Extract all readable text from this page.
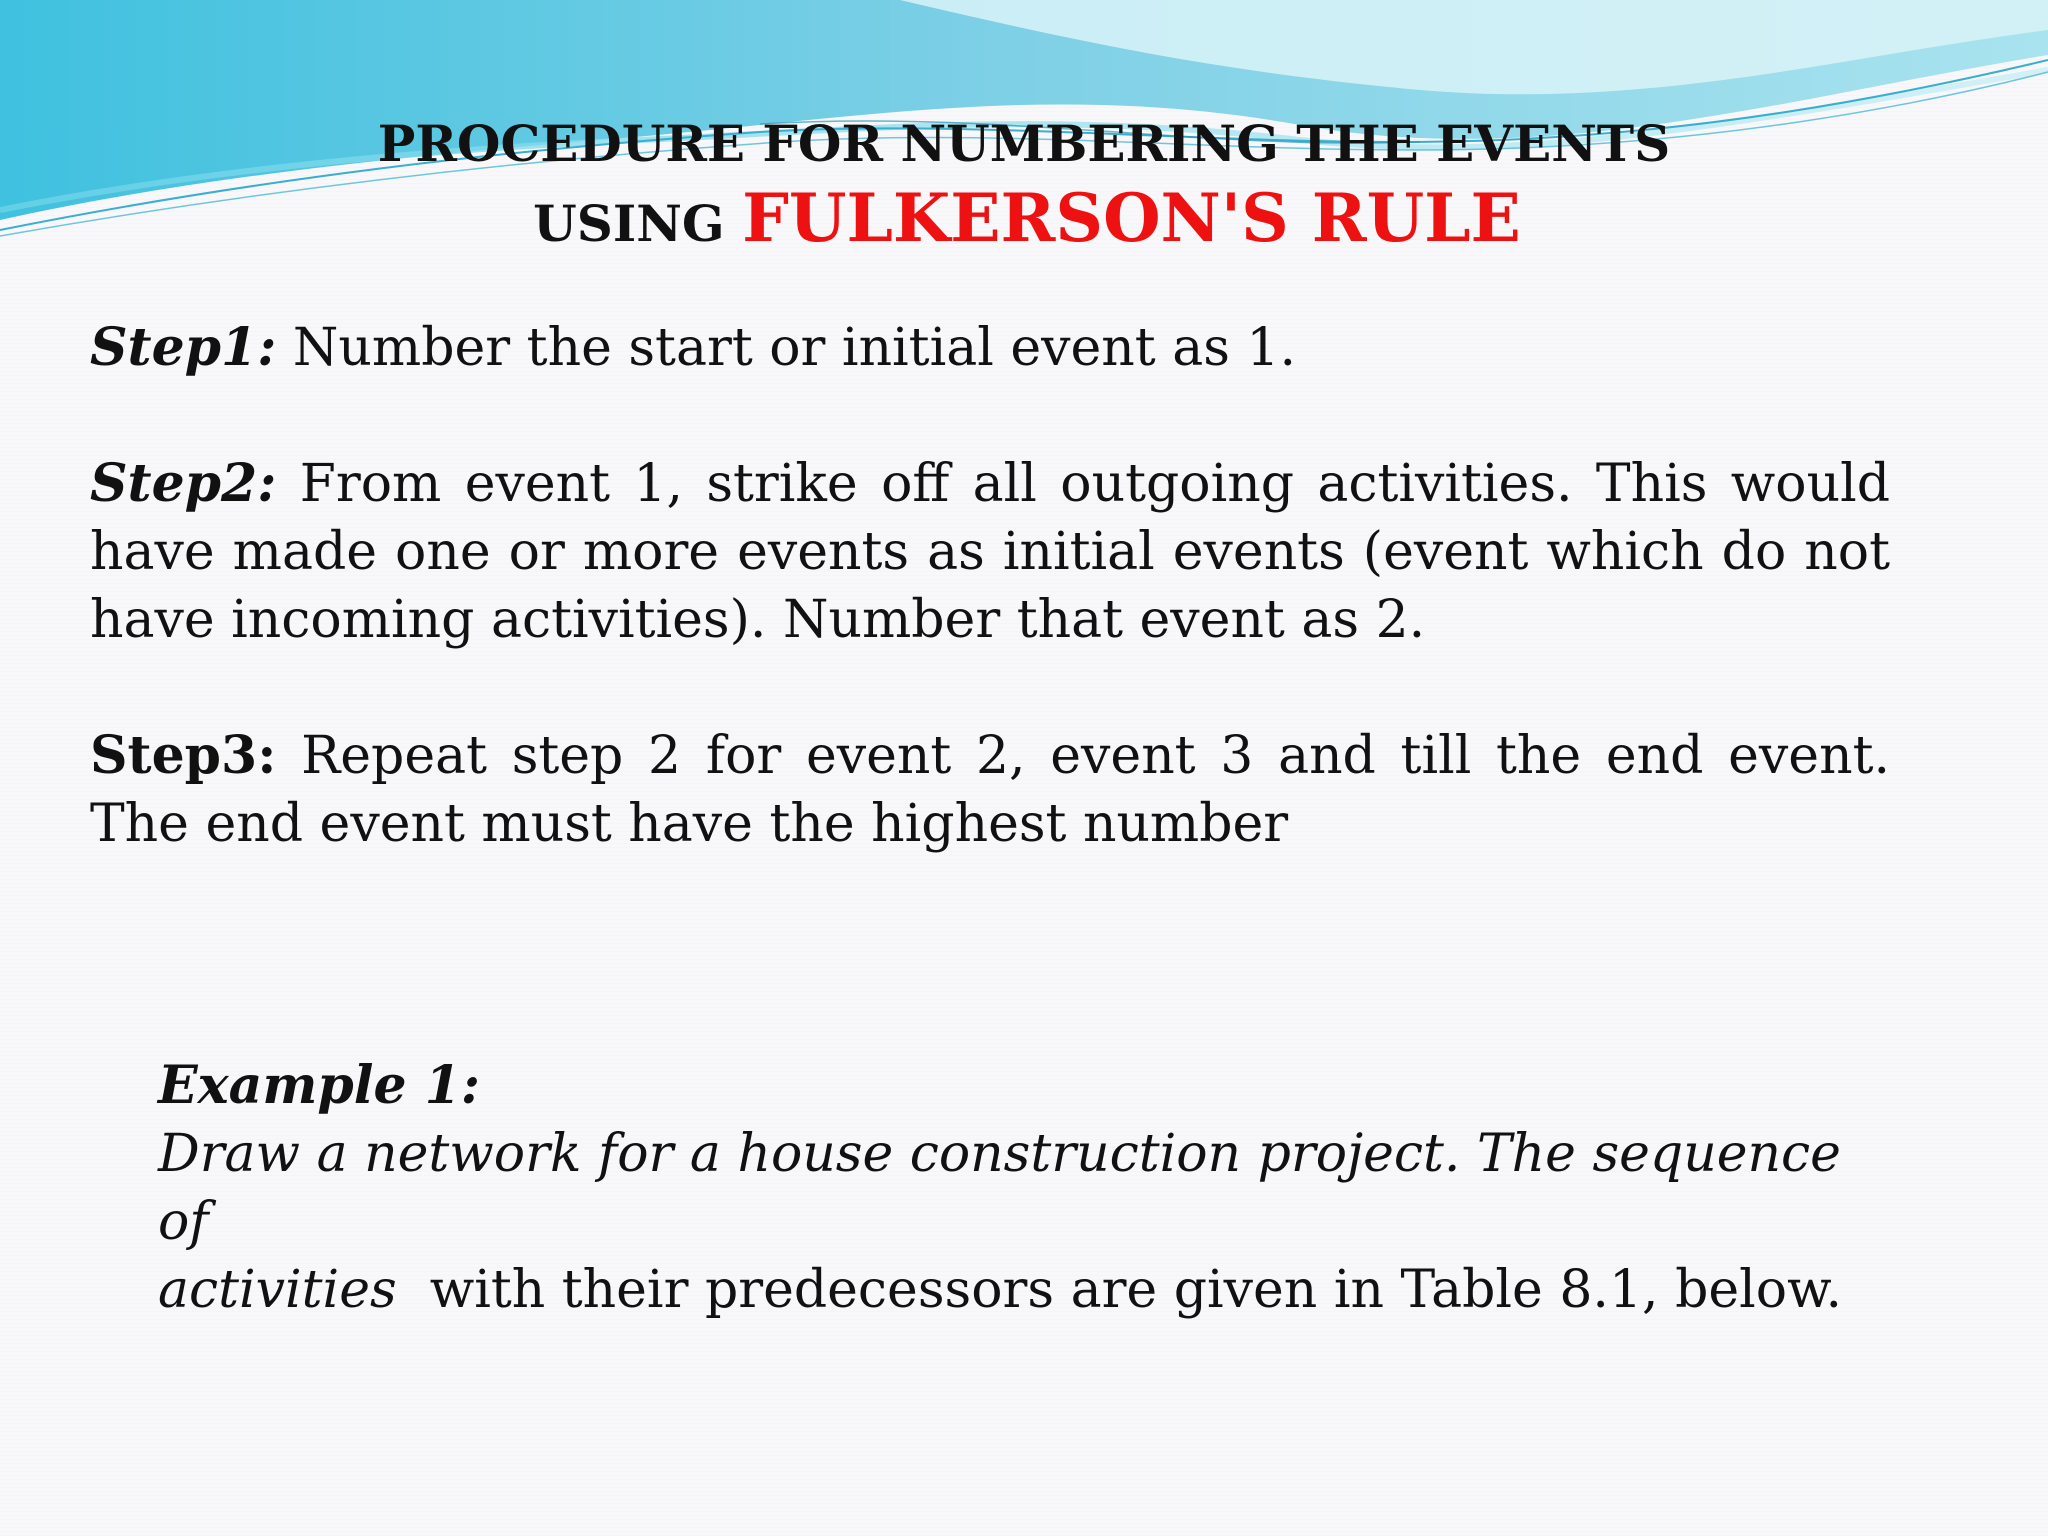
PROCEDURE FOR NUMBERING THE EVENTS
USING FULKERSON'S RULE
Step1: Number the start or initial event as 1.
Step2: From event 1, strike off all outgoing activities. This would have made one or more events as initial events (event which do not have incoming activities). Number that event as 2.
Step3: Repeat step 2 for event 2, event 3 and till the end event. The end event must have the highest number
Example 1:
Draw a network for a house construction project. The sequence of
activities  with their predecessors are given in Table 8.1, below.
